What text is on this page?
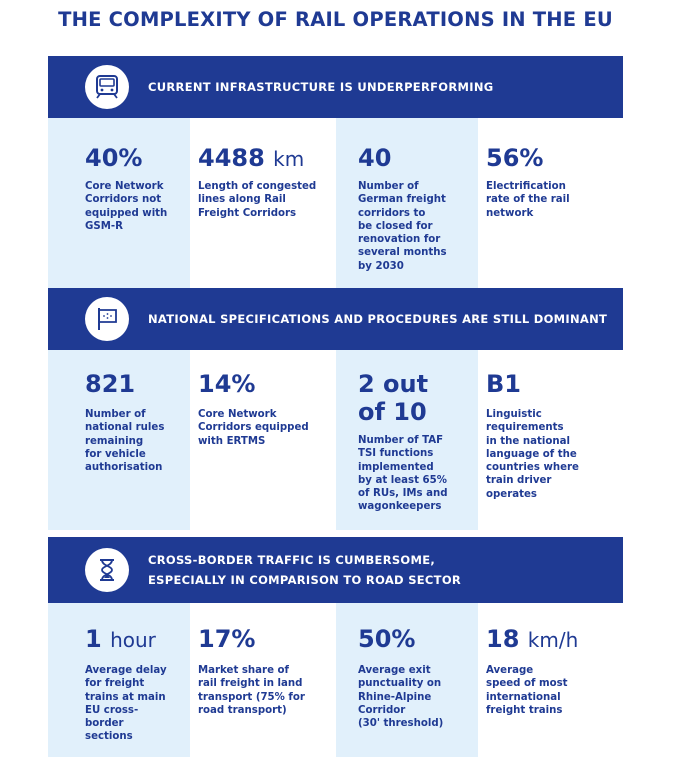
THE COMPLEXITY OF RAIL OPERATIONS IN THE EU
CURRENT INFRASTRUCTURE IS UNDERPERFORMING
40%
Core Network
Corridors not
equipped with
GSM-R
4488 km
Length of congested
lines along Rail
Freight Corridors
40
Number of
German freight
corridors to
be closed for
renovation for
several months
by 2030
56%
Electrification
rate of the rail
network
NATIONAL SPECIFICATIONS AND PROCEDURES ARE STILL DOMINANT
821
Number of
national rules
remaining
for vehicle
authorisation
14%
Core Network
Corridors equipped
with ERTMS
2 out
of 10
Number of TAF
TSI functions
implemented
by at least 65%
of RUs, IMs and
wagonkeepers
B1
Linguistic
requirements
in the national
language of the
countries where
train driver
operates
CROSS-BORDER TRAFFIC IS CUMBERSOME,
ESPECIALLY IN COMPARISON TO ROAD SECTOR
1 hour
Average delay
for freight
trains at main
EU cross-
border
sections
17%
Market share of
rail freight in land
transport (75% for
road transport)
50%
Average exit
punctuality on
Rhine-Alpine
Corridor
(30' threshold)
18 km/h
Average
speed of most
international
freight trains
